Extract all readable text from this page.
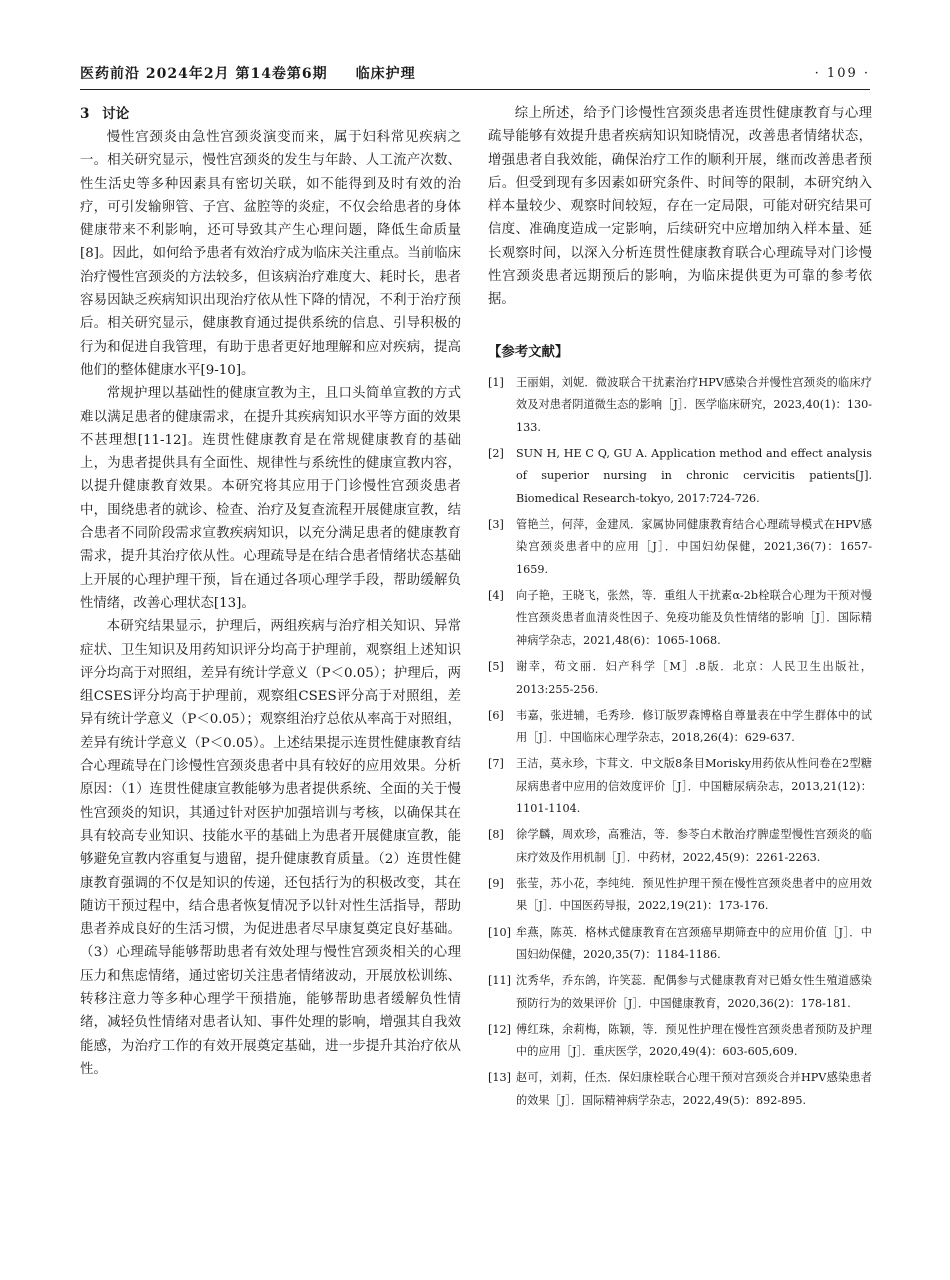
医药前沿 2024年2月 第14卷第6期 临床护理	· 109 ·
3 讨论

慢性宫颈炎由急性宫颈炎演变而来，属于妇科常见疾病之一。相关研究显示，慢性宫颈炎的发生与年龄、人工流产次数、性生活史等多种因素具有密切关联，如不能得到及时有效的治疗，可引发输卵管、子宫、盆腔等的炎症，不仅会给患者的身体健康带来不利影响，还可导致其产生心理问题，降低生命质量[8]。因此，如何给予患者有效治疗成为临床关注重点。当前临床治疗慢性宫颈炎的方法较多，但该病治疗难度大、耗时长，患者容易因缺乏疾病知识出现治疗依从性下降的情况，不利于治疗预后。相关研究显示，健康教育通过提供系统的信息、引导积极的行为和促进自我管理，有助于患者更好地理解和应对疾病，提高他们的整体健康水平[9-10]。

常规护理以基础性的健康宣教为主，且口头简单宣教的方式难以满足患者的健康需求，在提升其疾病知识水平等方面的效果不甚理想[11-12]。连贯性健康教育是在常规健康教育的基础上，为患者提供具有全面性、规律性与系统性的健康宣教内容，以提升健康教育效果。本研究将其应用于门诊慢性宫颈炎患者中，围绕患者的就诊、检查、治疗及复查流程开展健康宣教，结合患者不同阶段需求宣教疾病知识，以充分满足患者的健康教育需求，提升其治疗依从性。心理疏导是在结合患者情绪状态基础上开展的心理护理干预，旨在通过各项心理学手段，帮助缓解负性情绪，改善心理状态[13]。

本研究结果显示，护理后，两组疾病与治疗相关知识、异常症状、卫生知识及用药知识评分均高于护理前，观察组上述知识评分均高于对照组，差异有统计学意义（P＜0.05）；护理后，两组CSES评分均高于护理前，观察组CSES评分高于对照组，差异有统计学意义（P＜0.05）；观察组治疗总依从率高于对照组，差异有统计学意义（P＜0.05）。上述结果提示连贯性健康教育结合心理疏导在门诊慢性宫颈炎患者中具有较好的应用效果。分析原因：（1）连贯性健康宣教能够为患者提供系统、全面的关于慢性宫颈炎的知识，其通过针对医护加强培训与考核，以确保其在具有较高专业知识、技能水平的基础上为患者开展健康宣教，能够避免宣教内容重复与遗留，提升健康教育质量。（2）连贯性健康教育强调的不仅是知识的传递，还包括行为的积极改变，其在随访干预过程中，结合患者恢复情况予以针对性生活指导，帮助患者养成良好的生活习惯，为促进患者尽早康复奠定良好基础。（3）心理疏导能够帮助患者有效处理与慢性宫颈炎相关的心理压力和焦虑情绪，通过密切关注患者情绪波动，开展放松训练、转移注意力等多种心理学干预措施，能够帮助患者缓解负性情绪，减轻负性情绪对患者认知、事件处理的影响，增强其自我效能感，为治疗工作的有效开展奠定基础，进一步提升其治疗依从性。

综上所述，给予门诊慢性宫颈炎患者连贯性健康教育与心理疏导能够有效提升患者疾病知识知晓情况，改善患者情绪状态，增强患者自我效能，确保治疗工作的顺利开展，继而改善患者预后。但受到现有多因素如研究条件、时间等的限制，本研究纳入样本量较少、观察时间较短，存在一定局限，可能对研究结果可信度、准确度造成一定影响，后续研究中应增加纳入样本量、延长观察时间，以深入分析连贯性健康教育联合心理疏导对门诊慢性宫颈炎患者远期预后的影响，为临床提供更为可靠的参考依据。

【参考文献】
[1] 王丽娟，刘妮．微波联合干扰素治疗HPV感染合并慢性宫颈炎的临床疗效及对患者阴道微生态的影响［J］．医学临床研究，2023,40(1)：130-133.
[2] SUN H, HE C Q, GU A. Application method and effect analysis of superior nursing in chronic cervicitis patients[J]. Biomedical Research-tokyo, 2017:724-726.
[3] 管艳兰，何萍，金建凤．家属协同健康教育结合心理疏导模式在HPV感染宫颈炎患者中的应用［J］．中国妇幼保健，2021,36(7)：1657-1659.
[4] 向子艳，王晓飞，张然，等．重组人干扰素α-2b栓联合心理为干预对慢性宫颈炎患者血清炎性因子、免疫功能及负性情绪的影响［J］．国际精神病学杂志，2021,48(6)：1065-1068.
[5] 谢幸，苟文丽．妇产科学［M］.8版．北京：人民卫生出版社，2013:255-256.
[6] 韦嘉，张进辅，毛秀珍．修订版罗森博格自尊量表在中学生群体中的试用［J］．中国临床心理学杂志，2018,26(4)：629-637.
[7] 王洁，莫永珍，卞茸文．中文版8条目Morisky用药依从性问卷在2型糖尿病患者中应用的信效度评价［J］．中国糖尿病杂志，2013,21(12)：1101-1104.
[8] 徐学麟，周欢珍，高雅洁，等．参苓白术散治疗脾虚型慢性宫颈炎的临床疗效及作用机制［J］．中药材，2022,45(9)：2261-2263.
[9] 张莹，苏小花，李纯纯．预见性护理干预在慢性宫颈炎患者中的应用效果［J］．中国医药导报，2022,19(21)：173-176.
[10] 牟燕，陈英．格林式健康教育在宫颈癌早期筛查中的应用价值［J］．中国妇幼保健，2020,35(7)：1184-1186.
[11] 沈秀华，乔东鸽，许笑蕊．配偶参与式健康教育对已婚女性生殖道感染预防行为的效果评价［J］．中国健康教育，2020,36(2)：178-181.
[12] 傅红珠，余莉梅，陈颖，等．预见性护理在慢性宫颈炎患者预防及护理中的应用［J］．重庆医学，2020,49(4)：603-605,609.
[13] 赵可，刘莉，任杰．保妇康栓联合心理干预对宫颈炎合并HPV感染患者的效果［J］．国际精神病学杂志，2022,49(5)：892-895.
